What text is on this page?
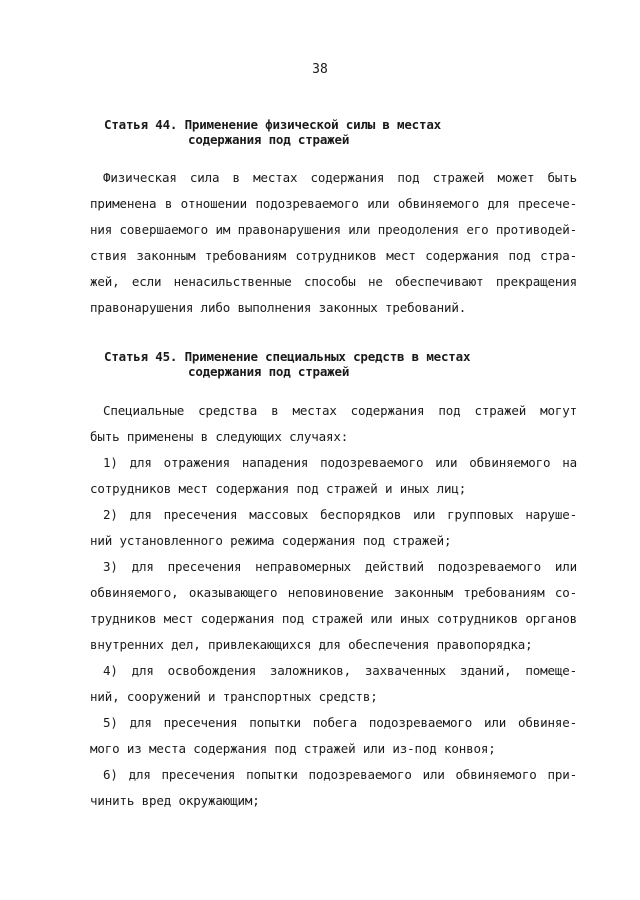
38
Статья 44. Применение физической силы в местах
содержания под стражей
Физическая сила в местах содержания под стражей может быть
применена в отношении подозреваемого или обвиняемого для пресече-
ния совершаемого им правонарушения или преодоления его противодей-
ствия законным требованиям сотрудников мест содержания под стра-
жей, если ненасильственные способы не обеспечивают прекращения
правонарушения либо выполнения законных требований.
Статья 45. Применение специальных средств в местах
содержания под стражей
Специальные средства в местах содержания под стражей могут
быть применены в следующих случаях:
1) для отражения нападения подозреваемого или обвиняемого на
сотрудников мест содержания под стражей и иных лиц;
2) для пресечения массовых беспорядков или групповых наруше-
ний установленного режима содержания под стражей;
3) для пресечения неправомерных действий подозреваемого или
обвиняемого, оказывающего неповиновение законным требованиям со-
трудников мест содержания под стражей или иных сотрудников органов
внутренних дел, привлекающихся для обеспечения правопорядка;
4) для освобождения заложников, захваченных зданий, помеще-
ний, сооружений и транспортных средств;
5) для пресечения попытки побега подозреваемого или обвиняе-
мого из места содержания под стражей или из-под конвоя;
6) для пресечения попытки подозреваемого или обвиняемого при-
чинить вред окружающим;
